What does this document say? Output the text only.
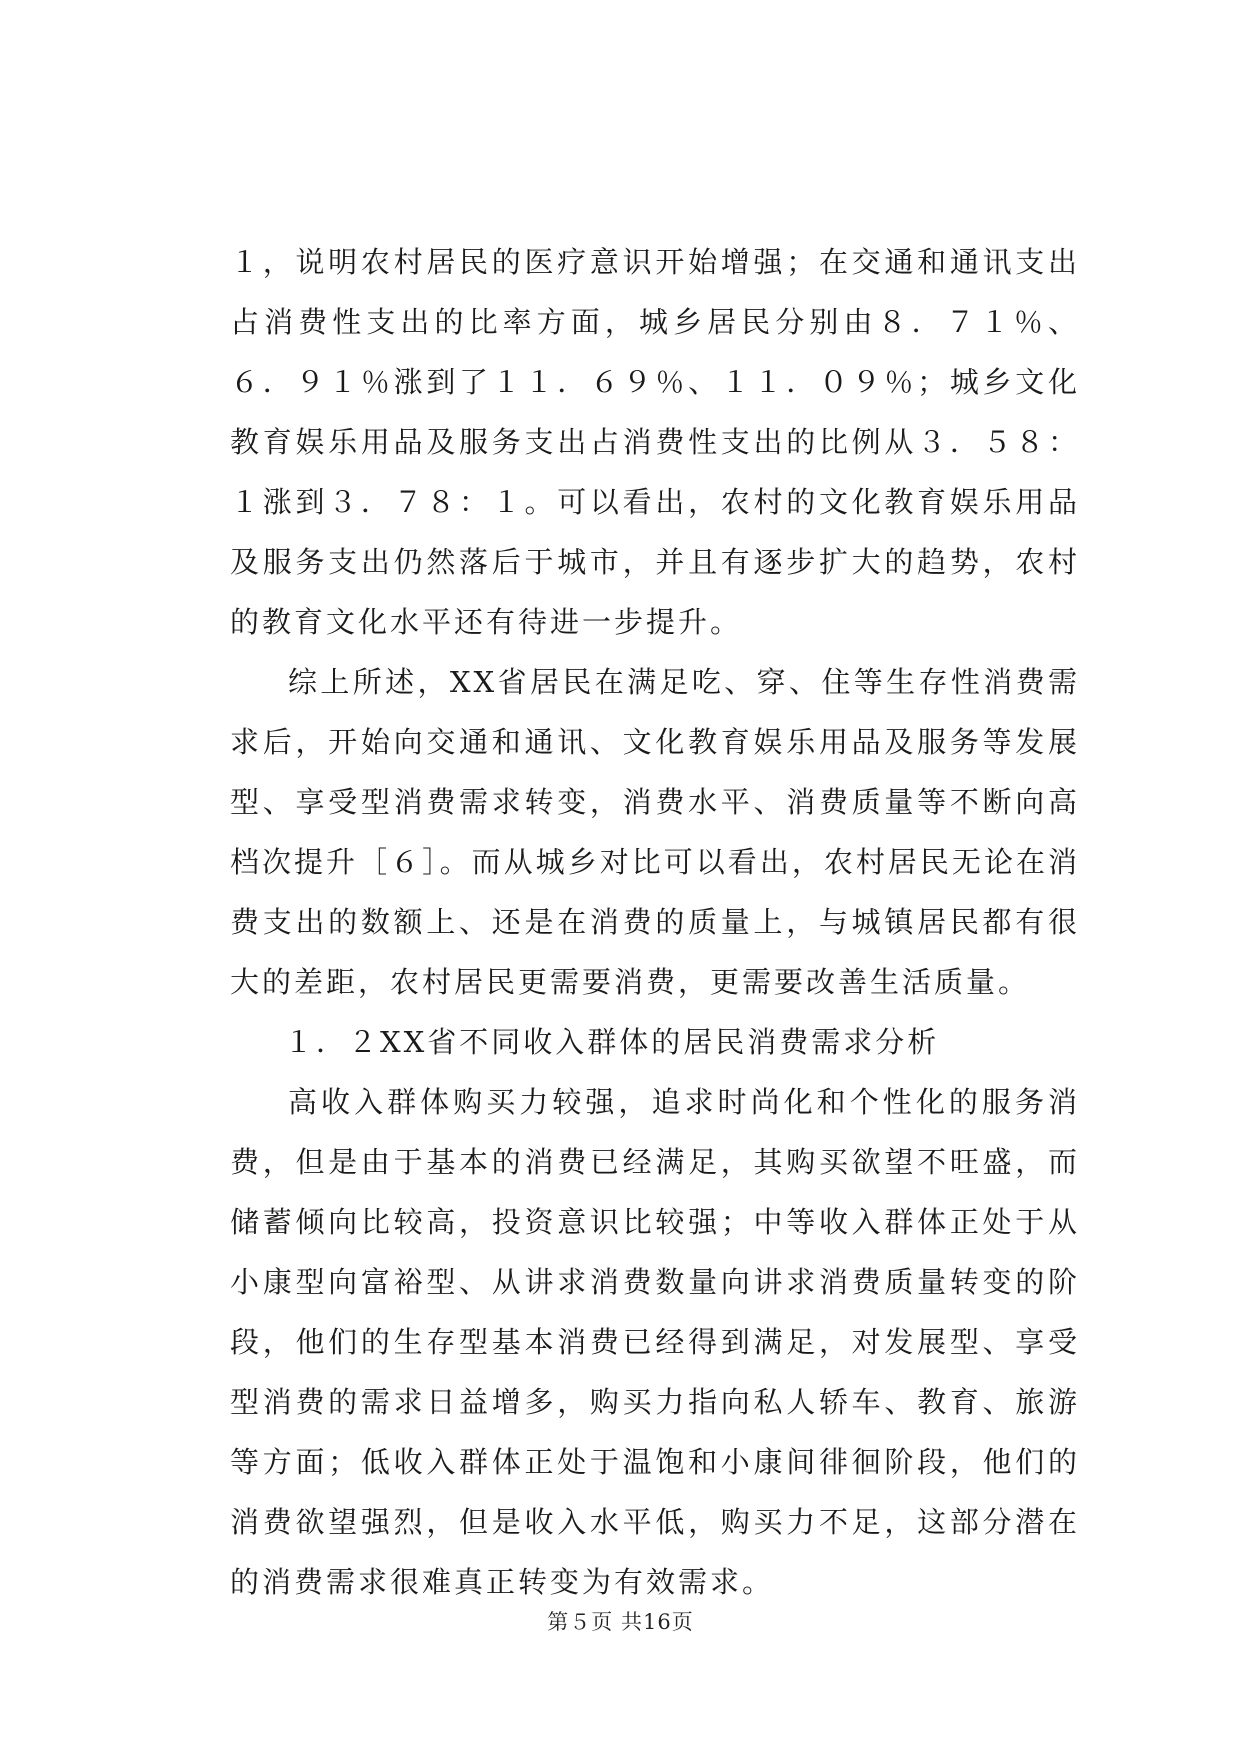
１，说明农村居民的医疗意识开始增强；在交通和通讯支出占消费性支出的比率方面，城乡居民分别由８．７１％、６．９１％涨到了１１．６９％、１１．０９％；城乡文化教育娱乐用品及服务支出占消费性支出的比例从３．５８：１涨到３．７８：１。可以看出，农村的文化教育娱乐用品及服务支出仍然落后于城市，并且有逐步扩大的趋势，农村的教育文化水平还有待进一步提升。

综上所述，XX省居民在满足吃、穿、住等生存性消费需求后，开始向交通和通讯、文化教育娱乐用品及服务等发展型、享受型消费需求转变，消费水平、消费质量等不断向高档次提升［６］。而从城乡对比可以看出，农村居民无论在消费支出的数额上、还是在消费的质量上，与城镇居民都有很大的差距，农村居民更需要消费，更需要改善生活质量。

１．２XX省不同收入群体的居民消费需求分析

高收入群体购买力较强，追求时尚化和个性化的服务消费，但是由于基本的消费已经满足，其购买欲望不旺盛，而储蓄倾向比较高，投资意识比较强；中等收入群体正处于从小康型向富裕型、从讲求消费数量向讲求消费质量转变的阶段，他们的生存型基本消费已经得到满足，对发展型、享受型消费的需求日益增多，购买力指向私人轿车、教育、旅游等方面；低收入群体正处于温饱和小康间徘徊阶段，他们的消费欲望强烈，但是收入水平低，购买力不足，这部分潜在的消费需求很难真正转变为有效需求。

第５页 共16页
